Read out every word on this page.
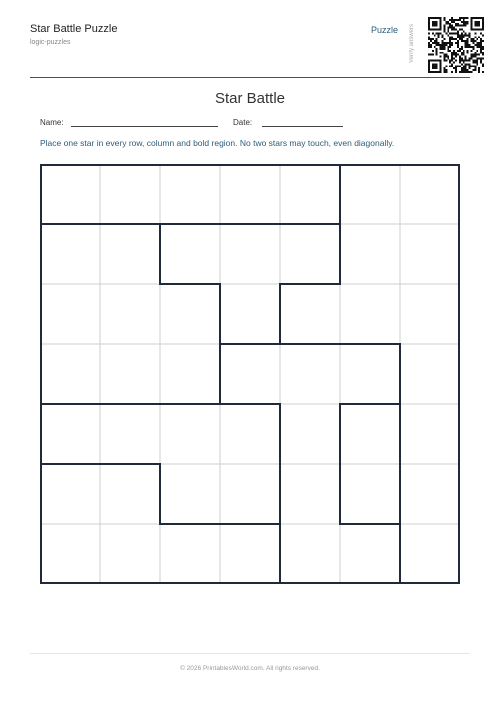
Star Battle Puzzle
logic-puzzles
Puzzle Verify answers
Star Battle
Name:	Date:
Place one star in every row, column and bold region. No two stars may touch, even diagonally.
© 2026 PrintablesWorld.com. All rights reserved.
